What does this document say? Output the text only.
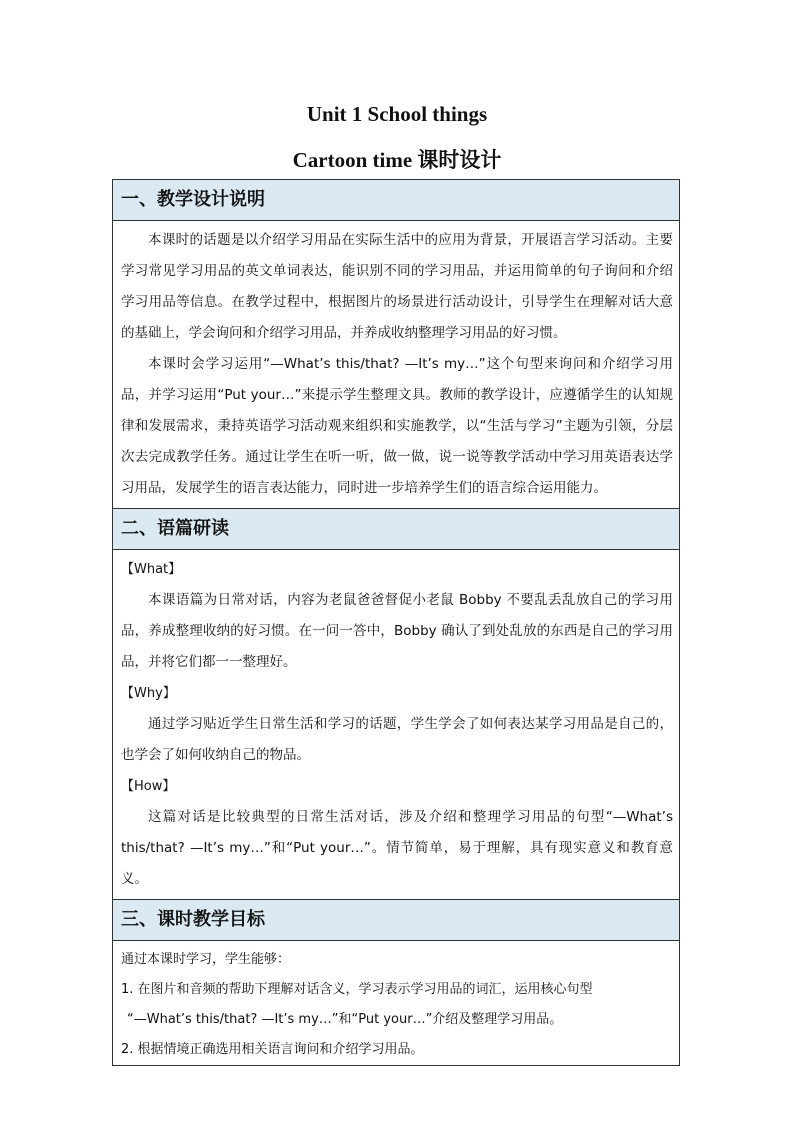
Unit 1 School things
Cartoon time 课时设计
一、教学设计说明

本课时的话题是以介绍学习用品在实际生活中的应用为背景，开展语言学习活动。主要学习常见学习用品的英文单词表达，能识别不同的学习用品，并运用简单的句子询问和介绍学习用品等信息。在教学过程中，根据图片的场景进行活动设计，引导学生在理解对话大意的基础上，学会询问和介绍学习用品，并养成收纳整理学习用品的好习惯。

本课时会学习运用“—What’s this/that? —It’s my…”这个句型来询问和介绍学习用品，并学习运用“Put your…”来提示学生整理文具。教师的教学设计，应遵循学生的认知规律和发展需求，秉持英语学习活动观来组织和实施教学，以“生活与学习”主题为引领，分层次去完成教学任务。通过让学生在听一听，做一做，说一说等教学活动中学习用英语表达学习用品，发展学生的语言表达能力，同时进一步培养学生们的语言综合运用能力。

二、语篇研读

【What】

本课语篇为日常对话，内容为老鼠爸爸督促小老鼠 Bobby 不要乱丢乱放自己的学习用品，养成整理收纳的好习惯。在一问一答中，Bobby 确认了到处乱放的东西是自己的学习用品，并将它们都一一整理好。

【Why】

通过学习贴近学生日常生活和学习的话题，学生学会了如何表达某学习用品是自己的，也学会了如何收纳自己的物品。

【How】

这篇对话是比较典型的日常生活对话，涉及介绍和整理学习用品的句型“—What’s this/that? —It’s my…”和“Put your…”。情节简单，易于理解，具有现实意义和教育意义。

三、课时教学目标

通过本课时学习，学生能够：

1. 在图片和音频的帮助下理解对话含义，学习表示学习用品的词汇，运用核心句型

“—What’s this/that? —It’s my…”和“Put your…”介绍及整理学习用品。

2. 根据情境正确选用相关语言询问和介绍学习用品。
